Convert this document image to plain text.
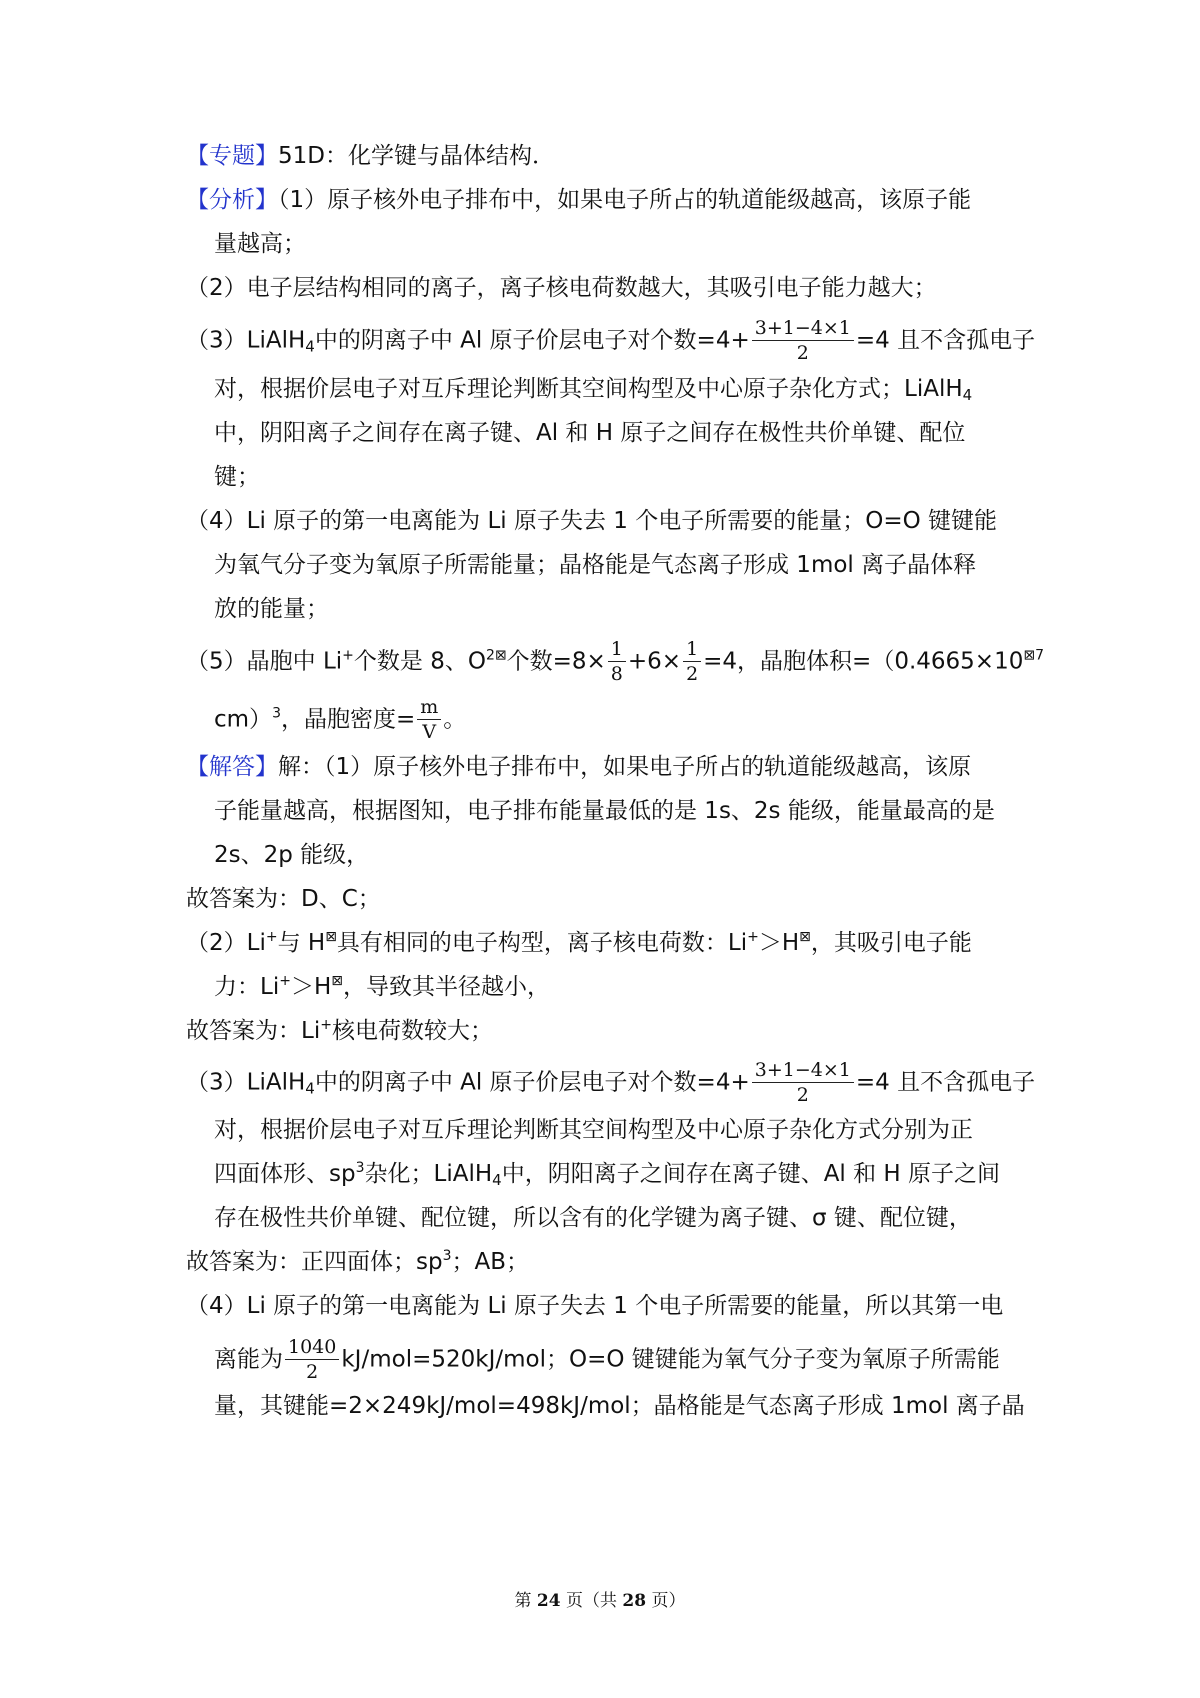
【专题】51D：化学键与晶体结构．
【分析】（1）原子核外电子排布中，如果电子所占的轨道能级越高，该原子能
量越高；
（2）电子层结构相同的离子，离子核电荷数越大，其吸引电子能力越大；
（3）LiAlH$_4$中的阴离子中 Al 原子价层电子对个数$=4+ \frac{3+1-4\times 1}{2} =4$ 且不含孤电子
对，根据价层电子对互斥理论判断其空间构型及中心原子杂化方式；LiAlH$_4$
中，阴阳离子之间存在离子键、Al 和 H 原子之间存在极性共价单键、配位
键；
（4）Li 原子的第一电离能为 Li 原子失去 1 个电子所需要的能量；O=O 键键能
为氧气分子变为氧原子所需能量；晶格能是气态离子形成 1mol 离子晶体释
放的能量；
（5）晶胞中 Li+个数是 8、$O^{2⊠}$个数$=8\times \frac{1}{8} +6\times \frac{1}{2} =4$，晶胞体积$=(0.4665\times 10^{⊠7}$
cm）$^3$，晶胞密度= $\frac{m}{V}$ 。
【解答】解：（1）原子核外电子排布中，如果电子所占的轨道能级越高，该原
子能量越高，根据图知，电子排布能量最低的是 1s、2s 能级，能量最高的是
2s、2p 能级，
故答案为：D、C；
（2）Li+与 H⊠具有相同的电子构型，离子核电荷数：Li+＞H⊠，其吸引电子能
力：Li+＞H⊠，导致其半径越小，
故答案为：Li+核电荷数较大；
（3）LiAlH$_4$中的阴离子中 Al 原子价层电子对个数$=4+ \frac{3+1-4\times 1}{2} =4$ 且不含孤电子
对，根据价层电子对互斥理论判断其空间构型及中心原子杂化方式分别为正
四面体形、$sp^3$杂化；LiAlH$_4$中，阴阳离子之间存在离子键、Al 和 H 原子之间
存在极性共价单键、配位键，所以含有的化学键为离子键、σ 键、配位键，
故答案为：正四面体；$sp^3$；AB；
（4）Li 原子的第一电离能为 Li 原子失去 1 个电子所需要的能量，所以其第一电
离能为 $\frac{1040}{2} kJ/mol=520kJ/mol$；O=O 键键能为氧气分子变为氧原子所需能
量，其键能=2×249kJ/mol=498kJ/mol；晶格能是气态离子形成 1mol 离子晶
第 24 页（共 28 页）
